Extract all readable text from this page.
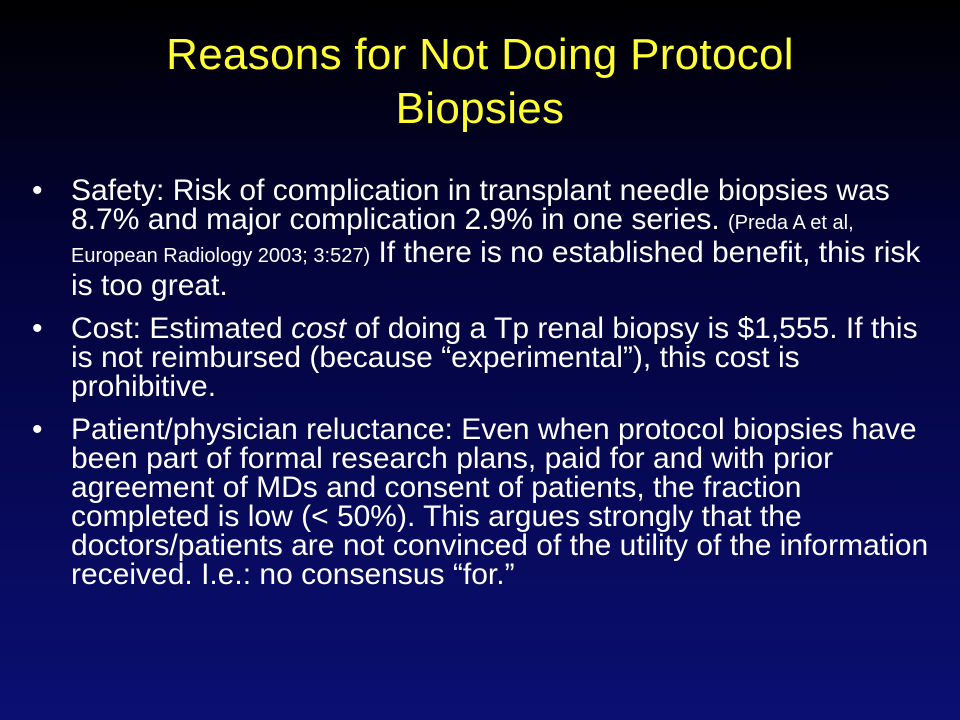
Reasons for Not Doing Protocol
Biopsies
• Safety: Risk of complication in transplant needle biopsies was 8.7% and major complication 2.9% in one series. (Preda A et al, European Radiology 2003; 3:527) If there is no established benefit, this risk is too great.
• Cost: Estimated cost of doing a Tp renal biopsy is $1,555. If this is not reimbursed (because “experimental”), this cost is prohibitive.
• Patient/physician reluctance: Even when protocol biopsies have been part of formal research plans, paid for and with prior agreement of MDs and consent of patients, the fraction completed is low (< 50%). This argues strongly that the doctors/patients are not convinced of the utility of the information received. I.e.: no consensus “for.”
